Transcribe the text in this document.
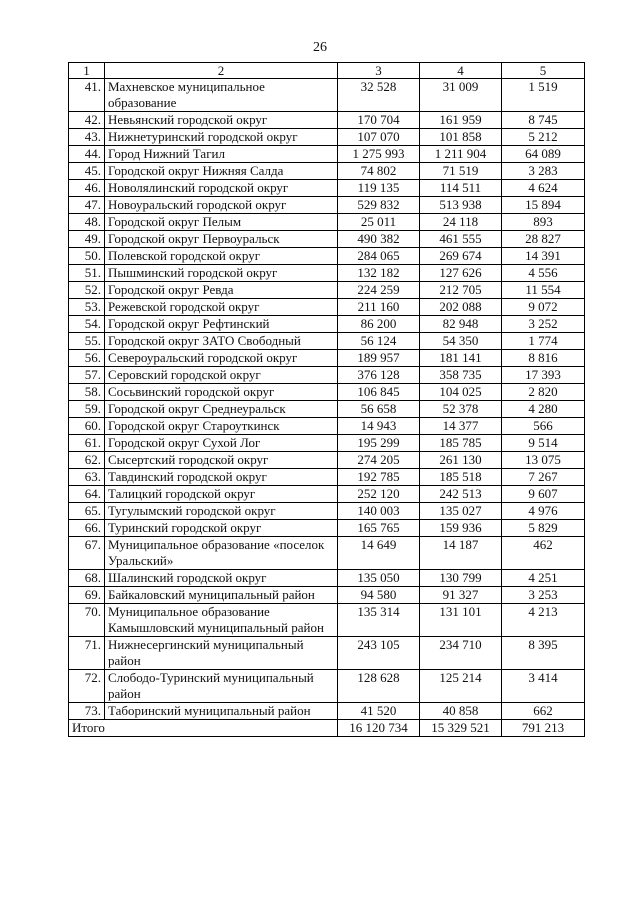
26
1	2	3	4	5
41.	Махневское муниципальное образование	32 528	31 009	1 519
42.	Невьянский городской округ	170 704	161 959	8 745
43.	Нижнетуринский городской округ	107 070	101 858	5 212
44.	Город Нижний Тагил	1 275 993	1 211 904	64 089
45.	Городской округ Нижняя Салда	74 802	71 519	3 283
46.	Новолялинский городской округ	119 135	114 511	4 624
47.	Новоуральский городской округ	529 832	513 938	15 894
48.	Городской округ Пелым	25 011	24 118	893
49.	Городской округ Первоуральск	490 382	461 555	28 827
50.	Полевской городской округ	284 065	269 674	14 391
51.	Пышминский городской округ	132 182	127 626	4 556
52.	Городской округ Ревда	224 259	212 705	11 554
53.	Режевской городской округ	211 160	202 088	9 072
54.	Городской округ Рефтинский	86 200	82 948	3 252
55.	Городской округ ЗАТО Свободный	56 124	54 350	1 774
56.	Североуральский городской округ	189 957	181 141	8 816
57.	Серовский городской округ	376 128	358 735	17 393
58.	Сосьвинский городской округ	106 845	104 025	2 820
59.	Городской округ Среднеуральск	56 658	52 378	4 280
60.	Городской округ Староуткинск	14 943	14 377	566
61.	Городской округ Сухой Лог	195 299	185 785	9 514
62.	Сысертский городской округ	274 205	261 130	13 075
63.	Тавдинский городской округ	192 785	185 518	7 267
64.	Талицкий городской округ	252 120	242 513	9 607
65.	Тугулымский городской округ	140 003	135 027	4 976
66.	Туринский городской округ	165 765	159 936	5 829
67.	Муниципальное образование «поселок Уральский»	14 649	14 187	462
68.	Шалинский городской округ	135 050	130 799	4 251
69.	Байкаловский муниципальный район	94 580	91 327	3 253
70.	Муниципальное образование Камышловский муниципальный район	135 314	131 101	4 213
71.	Нижнесергинский муниципальный район	243 105	234 710	8 395
72.	Слободо-Туринский муниципальный район	128 628	125 214	3 414
73.	Таборинский муниципальный район	41 520	40 858	662
Итого		16 120 734	15 329 521	791 213
